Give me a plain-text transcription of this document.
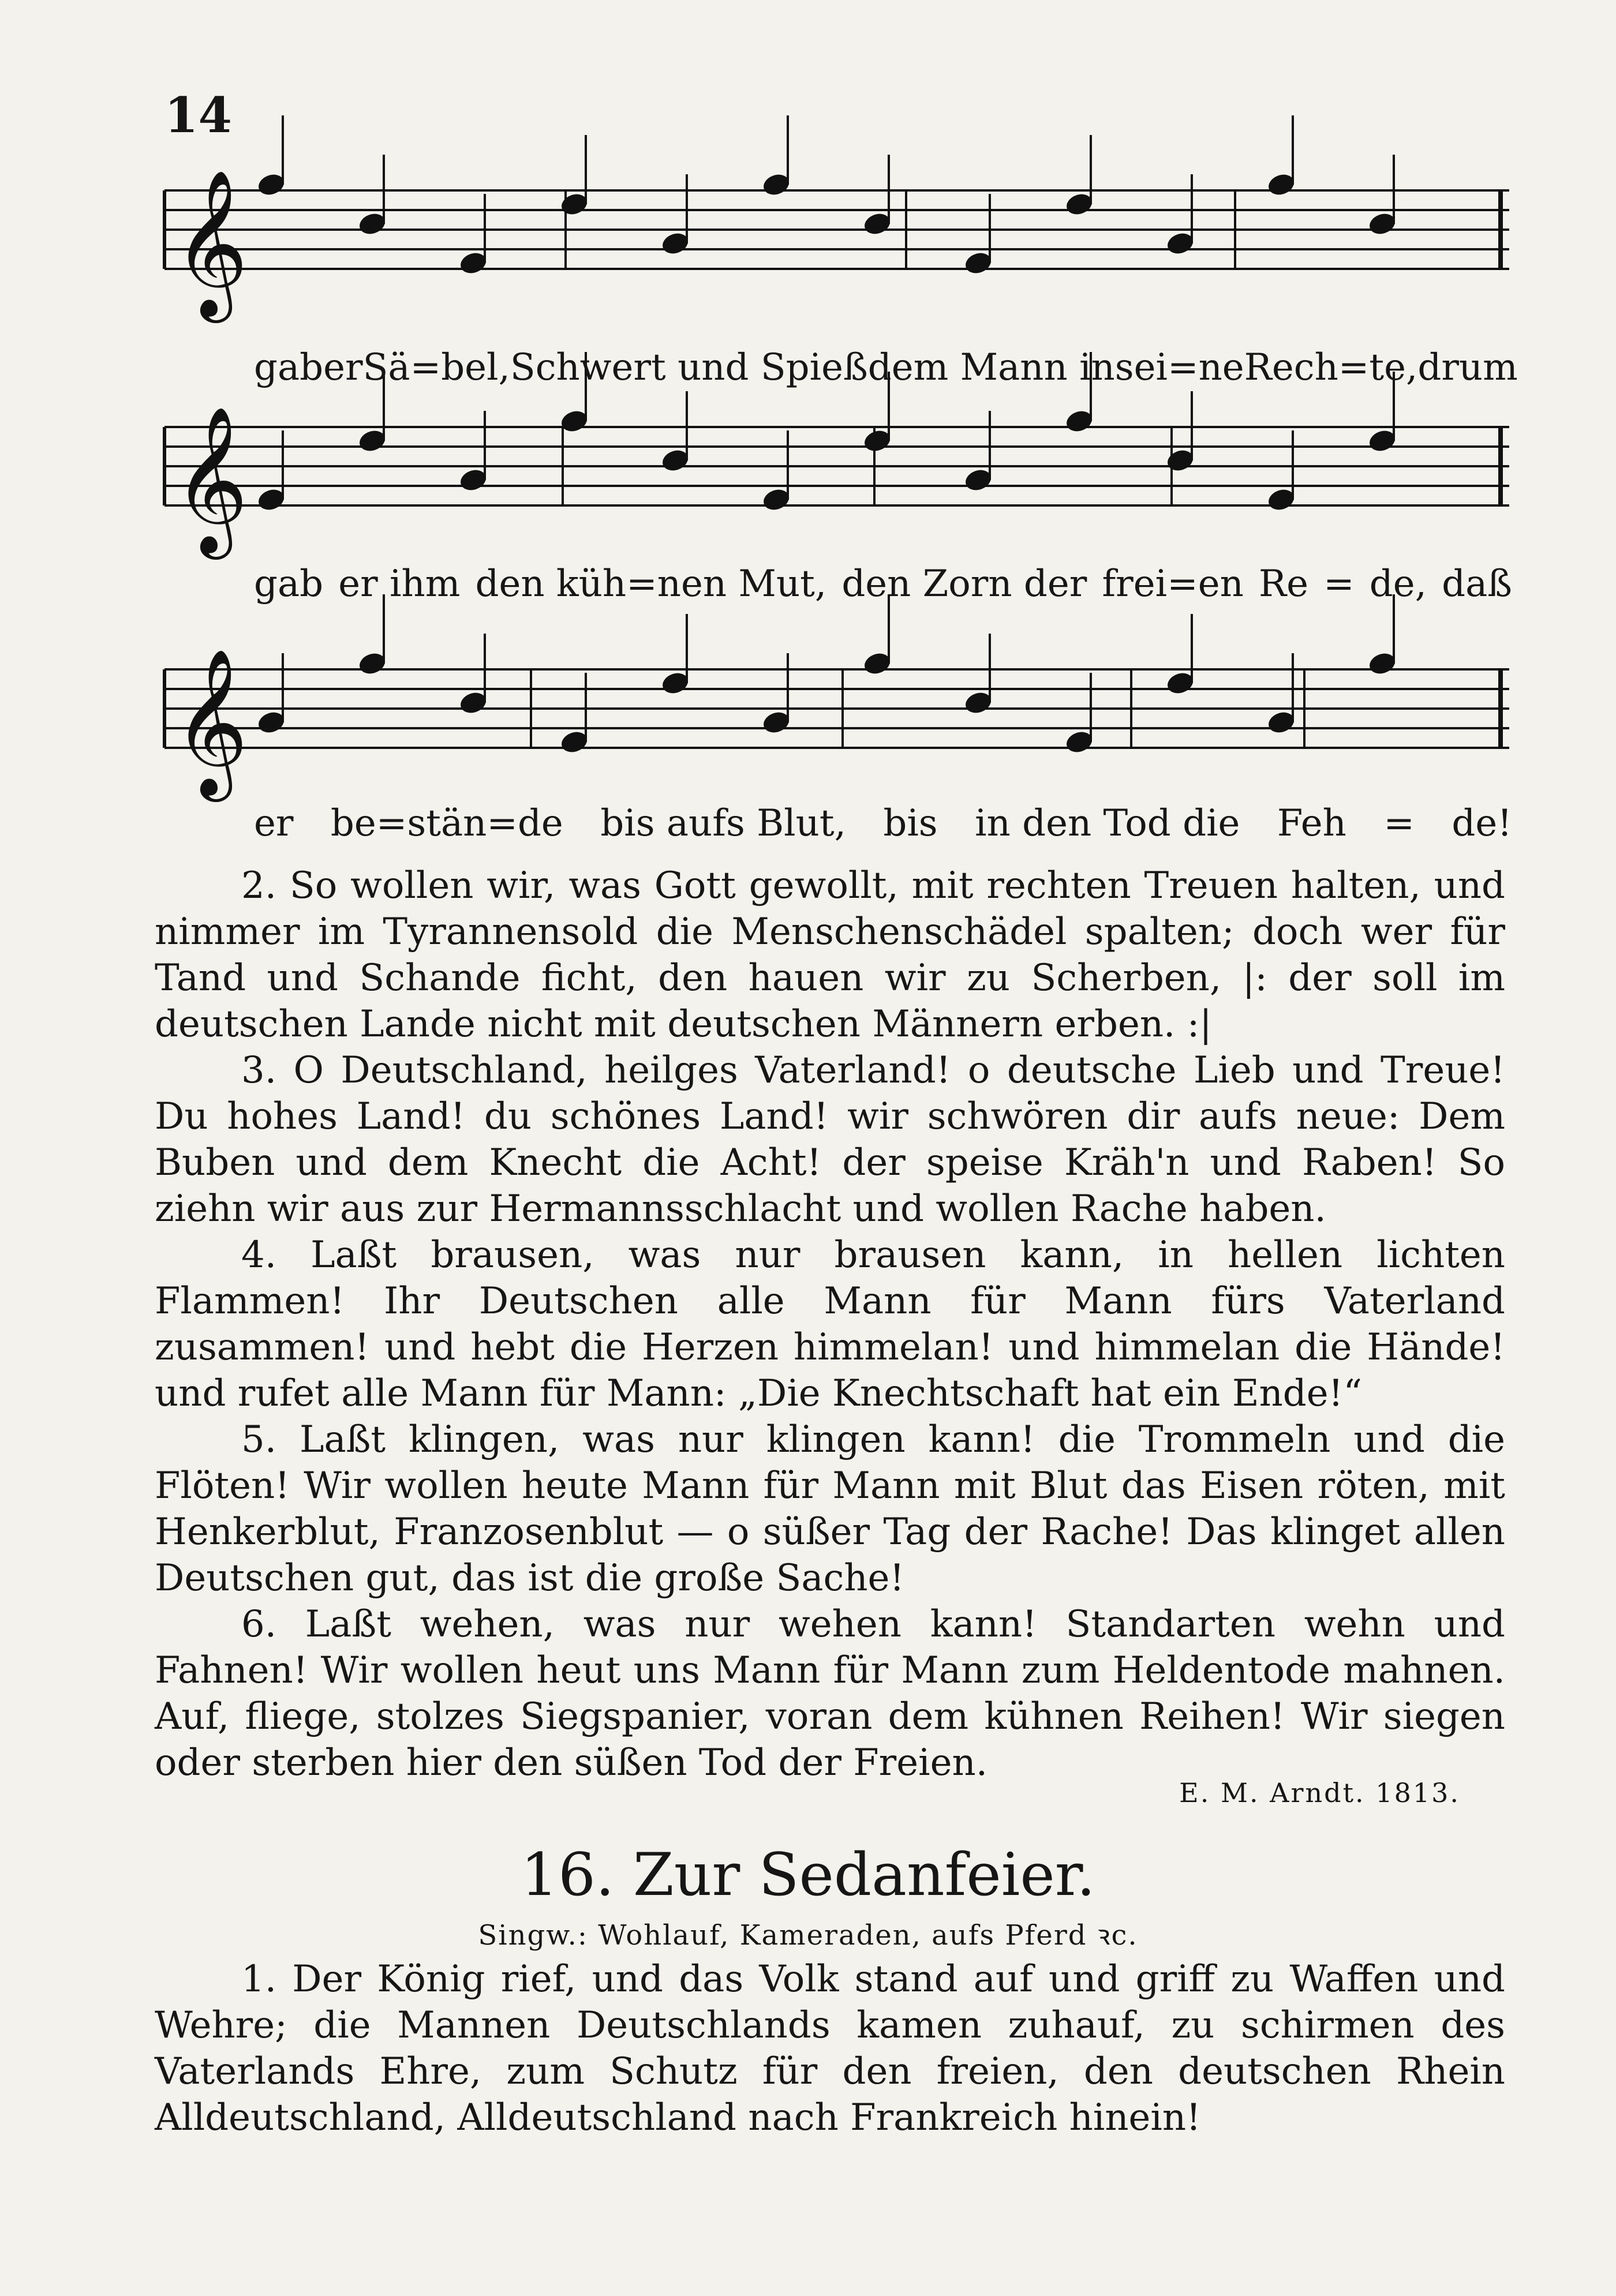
14
𝄞
𝄞
𝄞
gab er Sä=bel, Schwert und Spieß dem Mann in sei = ne Rech= te, drum
gab er ihm den küh=nen Mut, den Zorn der frei=en Re = de, daß
er be=stän=de bis aufs Blut, bis in den Tod die Feh = de!

2. So wollen wir, was Gott gewollt, mit rechten Treuen halten, und nimmer im Tyrannensold die Menschenschädel spalten; doch wer für Tand und Schande ficht, den hauen wir zu Scherben, |: der soll im deutschen Lande nicht mit deutschen Männern erben. :|

3. O Deutschland, heilges Vaterland! o deutsche Lieb und Treue! Du hohes Land! du schönes Land! wir schwören dir aufs neue: Dem Buben und dem Knecht die Acht! der speise Kräh'n und Raben! So ziehn wir aus zur Hermannsschlacht und wollen Rache haben.

4. Laßt brausen, was nur brausen kann, in hellen lichten Flammen! Ihr Deutschen alle Mann für Mann fürs Vaterland zusammen! und hebt die Herzen himmelan! und himmelan die Hände! und rufet alle Mann für Mann: „Die Knechtschaft hat ein Ende!“

5. Laßt klingen, was nur klingen kann! die Trommeln und die Flöten! Wir wollen heute Mann für Mann mit Blut das Eisen röten, mit Henkerblut, Franzosenblut — o süßer Tag der Rache! Das klinget allen Deutschen gut, das ist die große Sache!

6. Laßt wehen, was nur wehen kann! Standarten wehn und Fahnen! Wir wollen heut uns Mann für Mann zum Heldentode mahnen. Auf, fliege, stolzes Siegspanier, voran dem kühnen Reihen! Wir siegen oder sterben hier den süßen Tod der Freien.

E. M. Arndt. 1813.
16. Zur Sedanfeier.
Singw.: Wohlauf, Kameraden, aufs Pferd ꝛc.

1. Der König rief, und das Volk stand auf und griff zu Waffen und Wehre; die Mannen Deutschlands kamen zuhauf, zu schirmen des Vaterlands Ehre, zum Schutz für den freien, den deutschen Rhein Alldeutschland, Alldeutschland nach Frankreich hinein!
